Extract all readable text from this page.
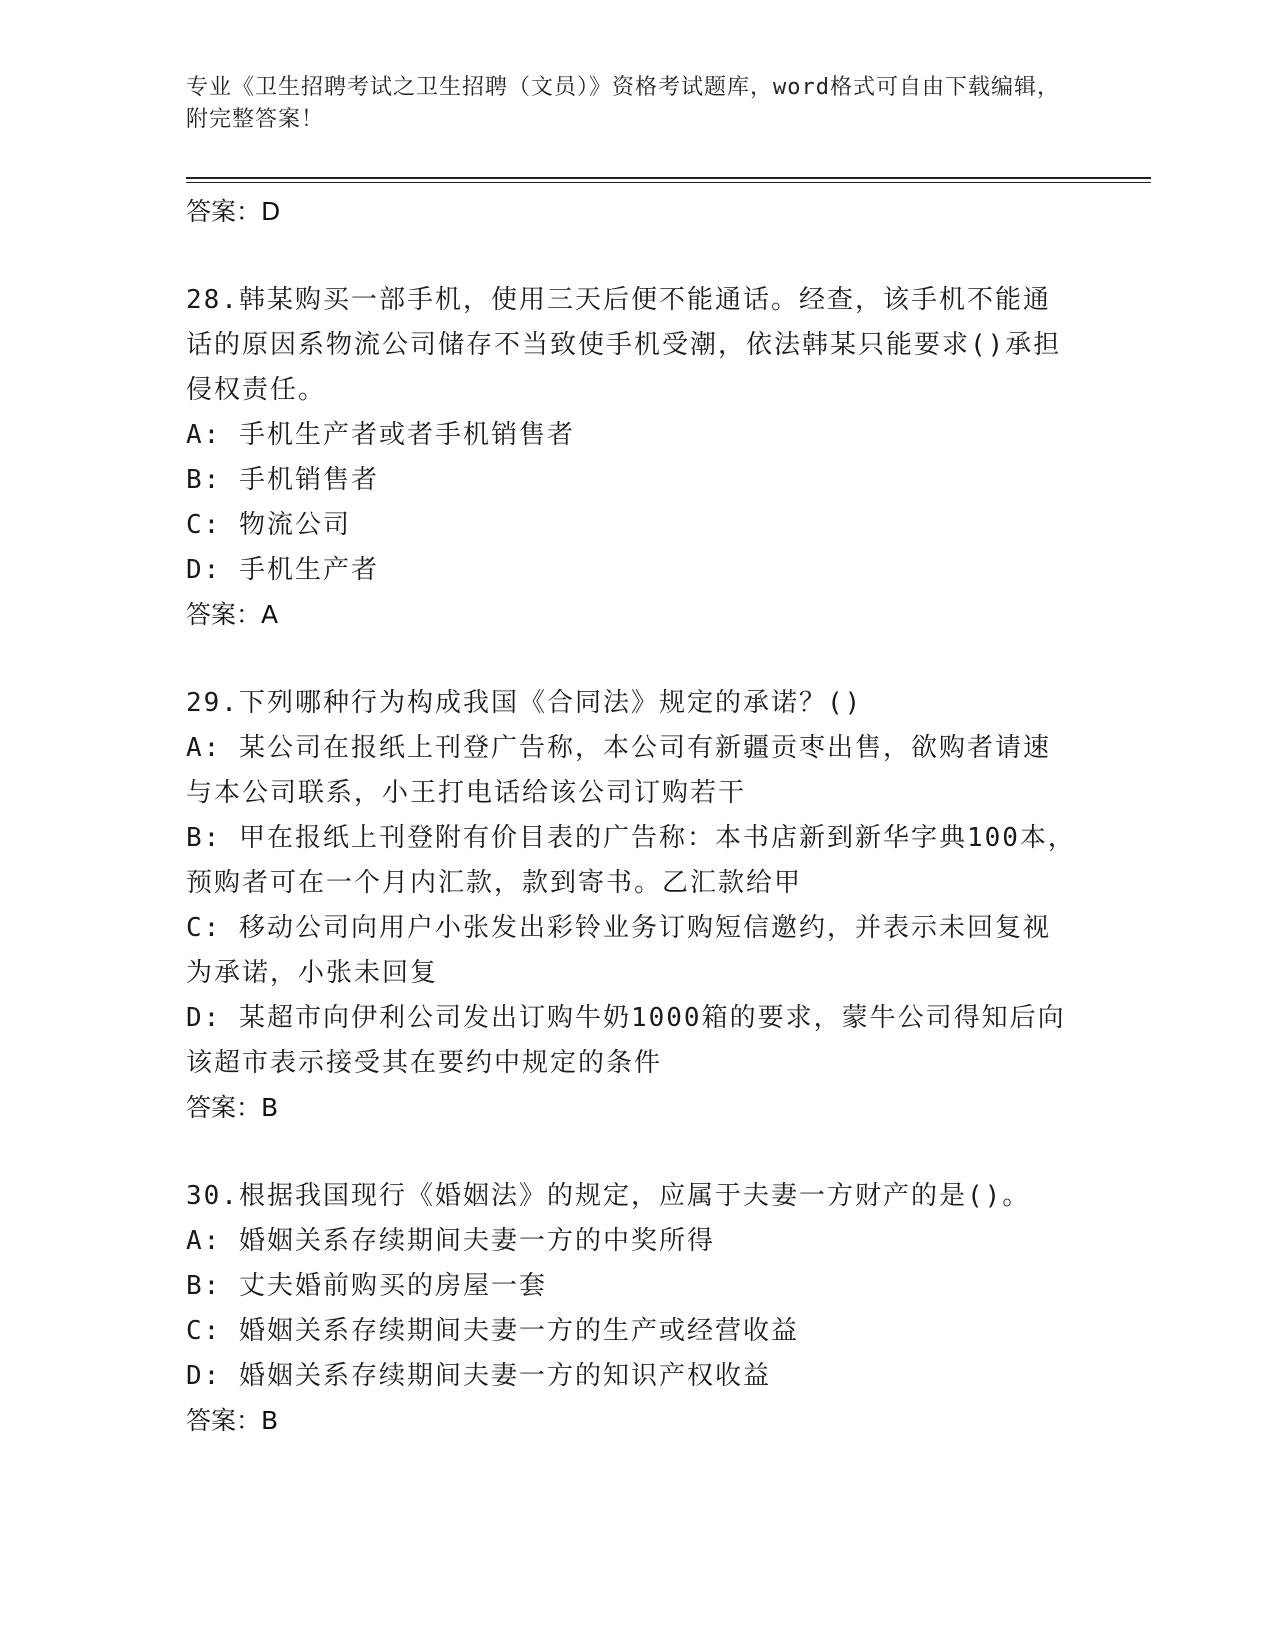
专业《卫生招聘考试之卫生招聘（文员）》资格考试题库，word格式可自由下载编辑，附完整答案！
答案：D
28.韩某购买一部手机，使用三天后便不能通话。经查，该手机不能通话的原因系物流公司储存不当致使手机受潮，依法韩某只能要求()承担侵权责任。
A: 手机生产者或者手机销售者
B: 手机销售者
C: 物流公司
D: 手机生产者
答案：A
29.下列哪种行为构成我国《合同法》规定的承诺？()
A: 某公司在报纸上刊登广告称，本公司有新疆贡枣出售，欲购者请速与本公司联系，小王打电话给该公司订购若干
B: 甲在报纸上刊登附有价目表的广告称：本书店新到新华字典100本，预购者可在一个月内汇款，款到寄书。乙汇款给甲
C: 移动公司向用户小张发出彩铃业务订购短信邀约，并表示未回复视为承诺，小张未回复
D: 某超市向伊利公司发出订购牛奶1000箱的要求，蒙牛公司得知后向该超市表示接受其在要约中规定的条件
答案：B
30.根据我国现行《婚姻法》的规定，应属于夫妻一方财产的是()。
A: 婚姻关系存续期间夫妻一方的中奖所得
B: 丈夫婚前购买的房屋一套
C: 婚姻关系存续期间夫妻一方的生产或经营收益
D: 婚姻关系存续期间夫妻一方的知识产权收益
答案：B
